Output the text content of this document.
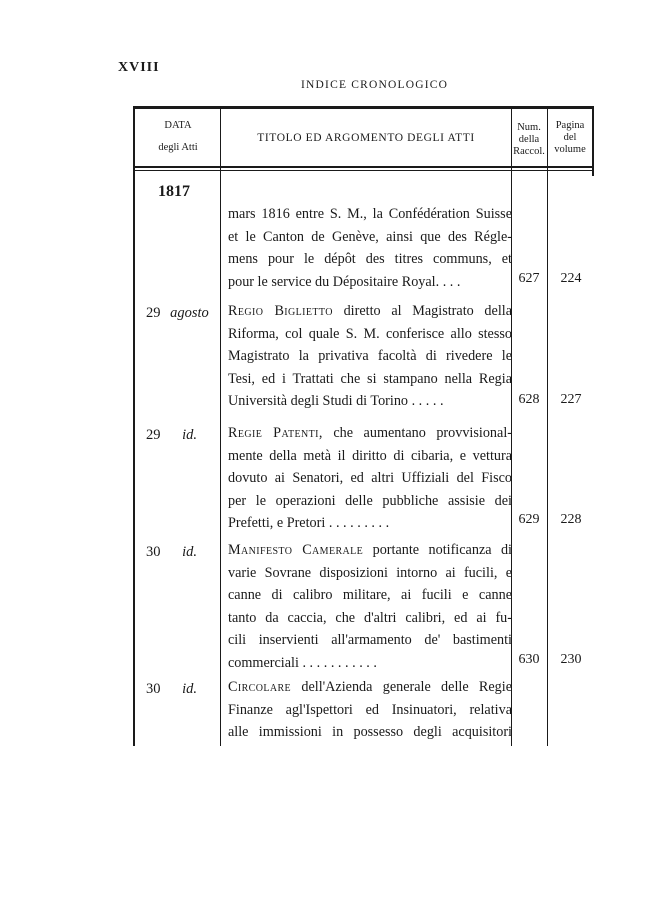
XVIII
INDICE CRONOLOGICO
DATA
degli Atti
TITOLO ED ARGOMENTO DEGLI ATTI
Num.
della
Raccol.
Pagina
del
volume
1817
mars 1816 entre S. M., la Confédération Suisse
et le Canton de Genève, ainsi que des Régle-
mens pour le dépôt des titres communs, et
pour le service du Dépositaire Royal. . . .	627	224
29 agosto Regio Biglietto diretto al Magistrato della
Riforma, col quale S. M. conferisce allo stesso
Magistrato la privativa facoltà di rivedere le
Tesi, ed i Trattati che si stampano nella Regia
Università degli Studi di Torino . . . . .	628	227
29 id. Regie Patenti, che aumentano provvisional-
mente della metà il diritto di cibaria, e vettura
dovuto ai Senatori, ed altri Uffiziali del Fisco
per le operazioni delle pubbliche assisie dei
Prefetti, e Pretori . . . . . . . . .	629	228
30 id. Manifesto Camerale portante notificanza di
varie Sovrane disposizioni intorno ai fucili, e
canne di calibro militare, ai fucili e canne
tanto da caccia, che d'altri calibri, ed ai fu-
cili inservienti all'armamento de' bastimenti
commerciali . . . . . . . . . . .	630	230
30 id. Circolare dell'Azienda generale delle Regie
Finanze agl'Ispettori ed Insinuatori, relativa
alle immissioni in possesso degli acquisitori
